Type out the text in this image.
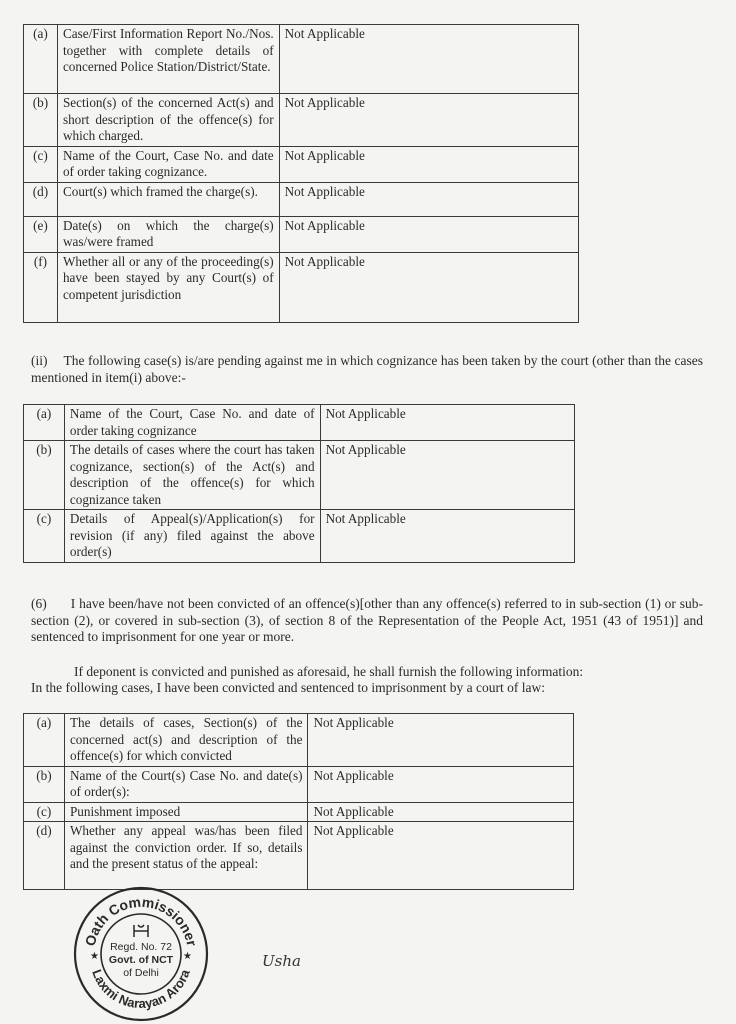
(a)	Case/First Information Report No./Nos. together with complete details of concerned Police Station/District/State.	Not Applicable
(b)	Section(s) of the concerned Act(s) and short description of the offence(s) for which charged.	Not Applicable
(c)	Name of the Court, Case No. and date of order taking cognizance.	Not Applicable
(d)	Court(s) which framed the charge(s).	Not Applicable
(e)	Date(s) on which the charge(s) was/were framed	Not Applicable
(f)	Whether all or any of the proceeding(s) have been stayed by any Court(s) of competent jurisdiction	Not Applicable
(ii) The following case(s) is/are pending against me in which cognizance has been taken by the court (other than the cases mentioned in item(i) above:-
(a)	Name of the Court, Case No. and date of order taking cognizance	Not Applicable
(b)	The details of cases where the court has taken cognizance, section(s) of the Act(s) and description of the offence(s) for which cognizance taken	Not Applicable
(c)	Details of Appeal(s)/Application(s) for revision (if any) filed against the above order(s)	Not Applicable
(6) I have been/have not been convicted of an offence(s)[other than any offence(s) referred to in sub-section (1) or sub-section (2), or covered in sub-section (3), of section 8 of the Representation of the People Act, 1951 (43 of 1951)] and sentenced to imprisonment for one year or more.
If deponent is convicted and punished as aforesaid, he shall furnish the following information:
In the following cases, I have been convicted and sentenced to imprisonment by a court of law:
(a)	The details of cases, Section(s) of the concerned act(s) and description of the offence(s) for which convicted	Not Applicable
(b)	Name of the Court(s) Case No. and date(s) of order(s):	Not Applicable
(c)	Punishment imposed	Not Applicable
(d)	Whether any appeal was/has been filed against the conviction order. If so, details and the present status of the appeal:	Not Applicable
Oath Commissioner
Laxmi Narayan Arora
★	★
Regd. No. 72
Govt. of NCT
of Delhi
Usha
